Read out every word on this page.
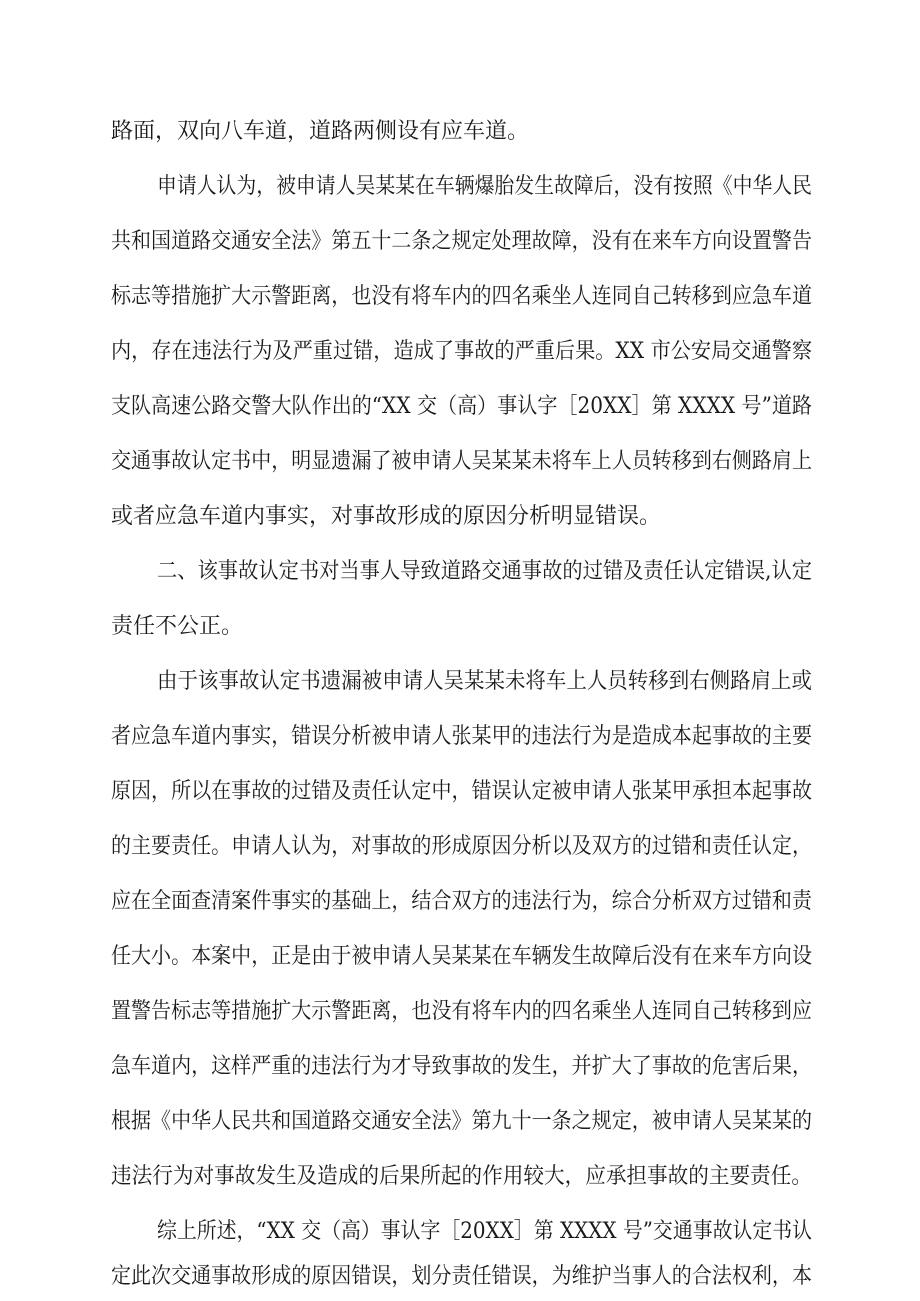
路面，双向八车道，道路两侧设有应车道。
申请人认为，被申请人吴某某在车辆爆胎发生故障后，没有按照《中华人民
共和国道路交通安全法》第五十二条之规定处理故障，没有在来车方向设置警告
标志等措施扩大示警距离，也没有将车内的四名乘坐人连同自己转移到应急车道
内，存在违法行为及严重过错，造成了事故的严重后果。XX 市公安局交通警察
支队高速公路交警大队作出的“XX 交（高）事认字［20XX］第 XXXX 号”道路
交通事故认定书中，明显遗漏了被申请人吴某某未将车上人员转移到右侧路肩上
或者应急车道内事实，对事故形成的原因分析明显错误。
二、该事故认定书对当事人导致道路交通事故的过错及责任认定错误,认定
责任不公正。
由于该事故认定书遗漏被申请人吴某某未将车上人员转移到右侧路肩上或
者应急车道内事实，错误分析被申请人张某甲的违法行为是造成本起事故的主要
原因，所以在事故的过错及责任认定中，错误认定被申请人张某甲承担本起事故
的主要责任。申请人认为，对事故的形成原因分析以及双方的过错和责任认定，
应在全面查清案件事实的基础上，结合双方的违法行为，综合分析双方过错和责
任大小。本案中，正是由于被申请人吴某某在车辆发生故障后没有在来车方向设
置警告标志等措施扩大示警距离，也没有将车内的四名乘坐人连同自己转移到应
急车道内，这样严重的违法行为才导致事故的发生，并扩大了事故的危害后果，
根据《中华人民共和国道路交通安全法》第九十一条之规定，被申请人吴某某的
违法行为对事故发生及造成的后果所起的作用较大，应承担事故的主要责任。
综上所述，“XX 交（高）事认字［20XX］第 XXXX 号”交通事故认定书认
定此次交通事故形成的原因错误，划分责任错误，为维护当事人的合法权利，本
